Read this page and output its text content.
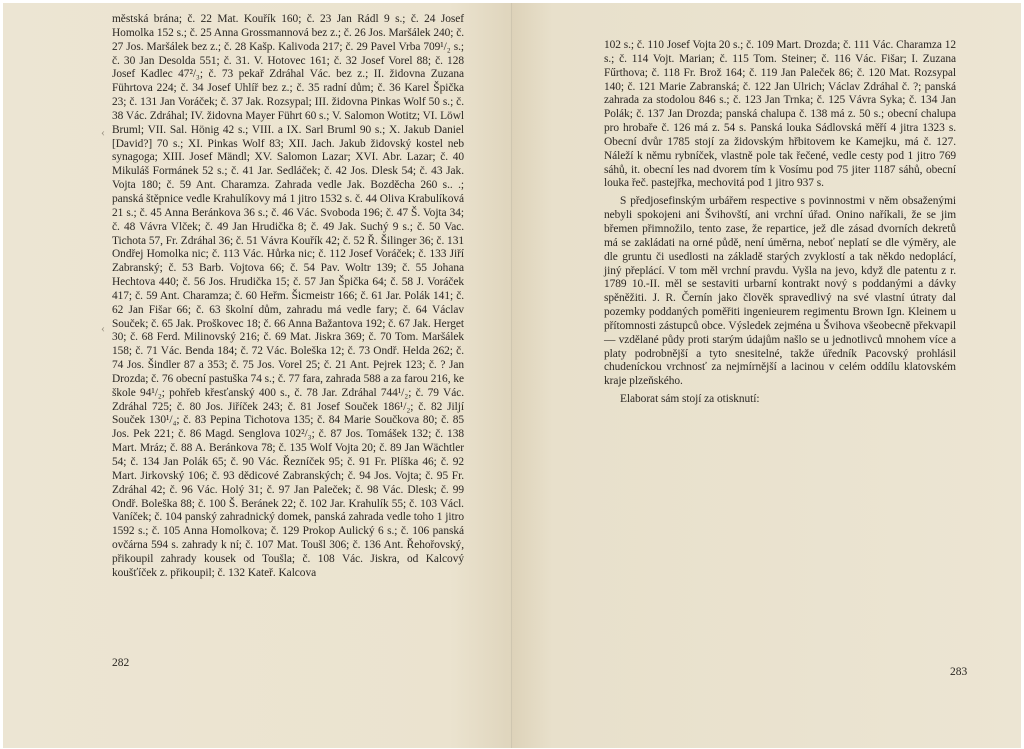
‹
‹

městská brána; č. 22 Mat. Kouřík 160; č. 23 Jan Rádl 9 s.; č. 24 Josef Homolka 152 s.; č. 25 Anna Grossmannová bez z.; č. 26 Jos. Maršálek 240; č. 27 Jos. Maršálek bez z.; č. 28 Kašp. Kalivoda 217; č. 29 Pavel Vrba 709¹/₂ s.; č. 30 Jan Desolda 551; č. 31. V. Hotovec 161; č. 32 Josef Vorel 88; č. 128 Josef Kadlec 47²/₃; č. 73 pekař Zdráhal Vác. bez z.; II. židovna Zuzana Führtova 224; č. 34 Josef Uhlíř bez z.; č. 35 radní dům; č. 36 Karel Špička 23; č. 131 Jan Voráček; č. 37 Jak. Rozsypal; III. židovna Pinkas Wolf 50 s.; č. 38 Vác. Zdráhal; IV. židovna Mayer Führt 60 s.; V. Salomon Wotitz; VI. Löwl Bruml; VII. Sal. Hönig 42 s.; VIII. a IX. Sarl Bruml 90 s.; X. Jakub Daniel [David?] 70 s.; XI. Pinkas Wolf 83; XII. Jach. Jakub židovský kostel neb synagoga; XIII. Josef Mändl; XV. Salomon Lazar; XVI. Abr. Lazar; č. 40 Mikuláš Formánek 52 s.; č. 41 Jar. Sedláček; č. 42 Jos. Dlesk 54; č. 43 Jak. Vojta 180; č. 59 Ant. Charamza. Zahrada vedle Jak. Bozděcha 260 s.. .; panská štěpnice vedle Krahulíkovy má 1 jitro 1532 s. č. 44 Oliva Krabulíková 21 s.; č. 45 Anna Beránkova 36 s.; č. 46 Vác. Svoboda 196; č. 47 Š. Vojta 34; č. 48 Vávra Vlček; č. 49 Jan Hrudička 8; č. 49 Jak. Suchý 9 s.; č. 50 Vac. Tichota 57, Fr. Zdráhal 36; č. 51 Vávra Kouřík 42; č. 52 Ř. Šilinger 36; č. 131 Ondřej Homolka nic; č. 113 Vác. Hůrka nic; č. 112 Josef Voráček; č. 133 Jiří Zabranský; č. 53 Barb. Vojtova 66; č. 54 Pav. Woltr 139; č. 55 Johana Hechtova 440; č. 56 Jos. Hrudička 15; č. 57 Jan Špička 64; č. 58 J. Voráček 417; č. 59 Ant. Charamza; č. 60 Heřm. Šicmeistr 166; č. 61 Jar. Polák 141; č. 62 Jan Fišar 66; č. 63 školní dům, zahradu má vedle fary; č. 64 Václav Souček; č. 65 Jak. Proškovec 18; č. 66 Anna Bažantova 192; č. 67 Jak. Herget 30; č. 68 Ferd. Milinovský 216; č. 69 Mat. Jiskra 369; č. 70 Tom. Maršálek 158; č. 71 Vác. Benda 184; č. 72 Vác. Boleška 12; č. 73 Ondř. Helda 262; č. 74 Jos. Šindler 87 a 353; č. 75 Jos. Vorel 25; č. 21 Ant. Pejrek 123; č. ? Jan Drozda; č. 76 obecní pastuška 74 s.; č. 77 fara, zahrada 588 a za farou 216, ke škole 94¹/₂; pohřeb křesťanský 400 s., č. 78 Jar. Zdráhal 744¹/₂; č. 79 Vác. Zdráhal 725; č. 80 Jos. Jiříček 243; č. 81 Josef Souček 186¹/₂; č. 82 Jiljí Souček 130¹/₄; č. 83 Pepina Tichotova 135; č. 84 Marie Součkova 80; č. 85 Jos. Pek 221; č. 86 Magd. Senglova 102²/₃; č. 87 Jos. Tomášek 132; č. 138 Mart. Mráz; č. 88 A. Beránkova 78; č. 135 Wolf Vojta 20; č. 89 Jan Wächtler 54; č. 134 Jan Polák 65; č. 90 Vác. Řezníček 95; č. 91 Fr. Plíška 46; č. 92 Mart. Jirkovský 106; č. 93 dědicové Zabranských; č. 94 Jos. Vojta; č. 95 Fr. Zdráhal 42; č. 96 Vác. Holý 31; č. 97 Jan Paleček; č. 98 Vác. Dlesk; č. 99 Ondř. Boleška 88; č. 100 Š. Beránek 22; č. 102 Jar. Krahulík 55; č. 103 Václ. Vaníček; č. 104 panský zahradnický domek, panská zahrada vedle toho 1 jitro 1592 s.; č. 105 Anna Homolkova; č. 129 Prokop Aulický 6 s.; č. 106 panská ovčárna 594 s. zahrady k ní; č. 107 Mat. Toušl 306; č. 136 Ant. Řehořovský, přikoupil zahrady kousek od Toušla; č. 108 Vác. Jiskra, od Kalcový koušťíček z. přikoupil; č. 132 Kateř. Kalcova

282

102 s.; č. 110 Josef Vojta 20 s.; č. 109 Mart. Drozda; č. 111 Vác. Charamza 12 s.; č. 114 Vojt. Marian; č. 115 Tom. Steiner; č. 116 Vác. Fišar; I. Zuzana Fűrthova; č. 118 Fr. Brož 164; č. 119 Jan Paleček 86; č. 120 Mat. Rozsypal 140; č. 121 Marie Zabranská; č. 122 Jan Ulrich; Václav Zdráhal č. ?; panská zahrada za stodolou 846 s.; č. 123 Jan Trnka; č. 125 Vávra Syka; č. 134 Jan Polák; č. 137 Jan Drozda; panská chalupa č. 138 má z. 50 s.; obecní chalupa pro hrobaře č. 126 má z. 54 s. Panská louka Sádlovská měří 4 jitra 1323 s. Obecní dvůr 1785 stojí za židovským hřbitovem ke Kamejku, má č. 127. Náleží k němu rybníček, vlastně pole tak řečené, vedle cesty pod 1 jitro 769 sáhů, it. obecní les nad dvorem tím k Vosímu pod 75 jiter 1187 sáhů, obecní louka řeč. pastejřka, mechovitá pod 1 jitro 937 s.

S předjosefinským urbářem respective s povinnostmi v něm obsaženými nebyli spokojeni ani Švihovští, ani vrchní úřad. Onino naříkali, že se jim břemen přimnožilo, tento zase, že repartice, jež dle zásad dvorních dekretů má se zakládati na orné půdě, není úměrna, neboť neplatí se dle výměry, ale dle gruntu či usedlosti na základě starých zvyklostí a tak někdo nedoplácí, jiný přeplácí. V tom měl vrchní pravdu. Vyšla na jevo, když dle patentu z r. 1789 10.-II. měl se sestaviti urbarní kontrakt nový s poddanými a dávky spěněžiti. J. R. Černín jako člověk spravedlivý na své vlastní útraty dal pozemky poddaných poměřiti ingenieurem regimentu Brown Ign. Kleinem u přítomnosti zástupců obce. Výsledek zejména u Švihova všeobecně překvapil — vzdělané půdy proti starým údajům našlo se u jednotlivců mnohem více a platy podrobnější a tyto snesitelné, takže úředník Pacovský prohlásil chudeníckou vrchnosť za nejmírnější a lacinou v celém oddílu klatovském kraje plzeňského.

Elaborat sám stojí za otisknutí:

283
